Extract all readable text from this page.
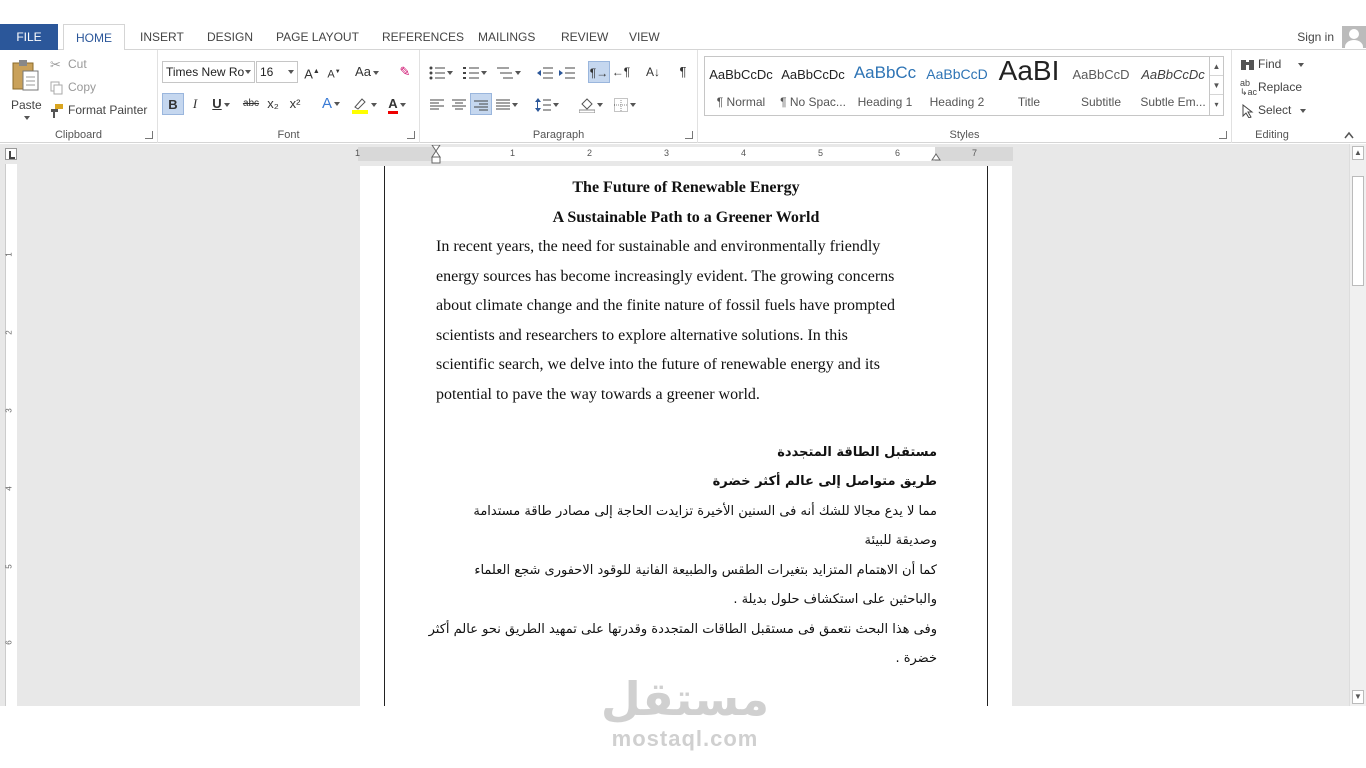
FILE	HOME	INSERT	DESIGN	PAGE LAYOUT	REFERENCES	MAILINGS	REVIEW	VIEW	Sign in
Paste
✂ Cut
Copy
Format Painter
Clipboard
Times New Ro	16	A▲ A▼	Aa	✎
B	I	U	abc x₂ x²	A	A
Font
¶→ ←¶	A↓	¶
Paragraph	Styles
AaBbCcDc
¶ Normal
AaBbCcDc
¶ No Spac...
AaBbCc
Heading 1
AaBbCcD
Heading 2
AaBI
Title
AaBbCcD
Subtitle
AaBbCcDc
Subtle Em...
▲
▼
▾
Find
ab
↳ac Replace
Select
Editing
1
2
3
4
5
6
1	1	2	3	4	5	6	7
The Future of Renewable Energy
A Sustainable Path to a Greener World
In recent years, the need for sustainable and environmentally friendly
energy sources has become increasingly evident. The growing concerns
about climate change and the finite nature of fossil fuels have prompted
scientists and researchers to explore alternative solutions. In this
scientific search, we delve into the future of renewable energy and its
potential to pave the way towards a greener world.
مستقبل الطاقة المتجددة
طريق متواصل إلى عالم أكثر خضرة
مما لا يدع مجالا للشك أنه فى السنين الأخيرة تزايدت الحاجة إلى مصادر طاقة مستدامة
وصديقة للبيئة
كما أن الاهتمام المتزايد بتغيرات الطقس والطبيعة الفانية للوقود الاحفورى شجع العلماء
والباحثين على استكشاف حلول بديلة .
وفى هذا البحث نتعمق فى مستقبل الطاقات المتجددة وقدرتها على تمهيد الطريق نحو عالم أكثر
خضرة .
▲
▼
مستقل
mostaql.com
